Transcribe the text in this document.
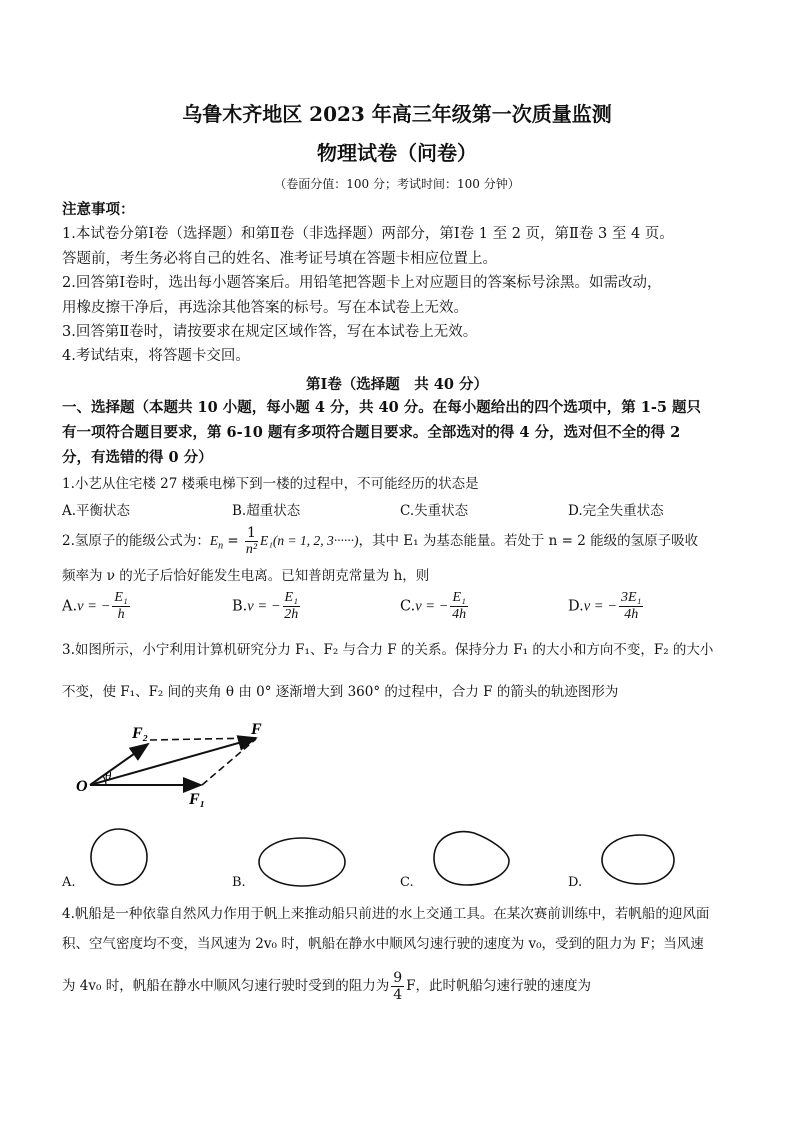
乌鲁木齐地区 2023 年高三年级第一次质量监测
物理试卷（问卷）
（卷面分值：100 分；考试时间：100 分钟）
注意事项：
1.本试卷分第Ⅰ卷（选择题）和第Ⅱ卷（非选择题）两部分，第Ⅰ卷 1 至 2 页，第Ⅱ卷 3 至 4 页。
答题前，考生务必将自己的姓名、准考证号填在答题卡相应位置上。
2.回答第Ⅰ卷时，选出每小题答案后。用铅笔把答题卡上对应题目的答案标号涂黑。如需改动，
用橡皮擦干净后，再选涂其他答案的标号。写在本试卷上无效。
3.回答第Ⅱ卷时，请按要求在规定区域作答，写在本试卷上无效。
4.考试结束，将答题卡交回。
第Ⅰ卷（选择题　共 40 分）
一、选择题（本题共 10 小题，每小题 4 分，共 40 分。在每小题给出的四个选项中，第 1-5 题只
有一项符合题目要求，第 6-10 题有多项符合题目要求。全部选对的得 4 分，选对但不全的得 2
分，有选错的得 0 分）
1.小艺从住宅楼 27 楼乘电梯下到一楼的过程中，不可能经历的状态是
A.平衡状态	B.超重状态	C.失重状态	D.完全失重状态
2.氢原子的能级公式为：$E_n = \frac{1}{\text{n²}} E_1(n = 1$, 2, 3······)，其中 E₁ 为基态能量。若处于 n = 2 能级的氢原子吸收
频率为 ν 的光子后恰好能发生电离。已知普朗克常量为 h，则
A.ν = − $\frac{\text{E₁}}{h}$	B.ν = − $\frac{\text{E₁}}{2h}$	C.ν = − $\frac{\text{E₁}}{4h}$	D.ν = − $\frac{\text{3E₁}}{4h}$
3.如图所示，小宁利用计算机研究分力 F₁、F₂ 与合力 F 的关系。保持分力 F₁ 的大小和方向不变，F₂ 的大小
不变，使 F₁、F₂ 间的夹角 θ 由 0° 逐渐增大到 360° 的过程中，合力 F 的箭头的轨迹图形为
F₂	F
O
θ
F₁
A.	B.	C.	D.
4.帆船是一种依靠自然风力作用于帆上来推动船只前进的水上交通工具。在某次赛前训练中，若帆船的迎风面
积、空气密度均不变，当风速为 2v₀ 时，帆船在静水中顺风匀速行驶的速度为 v₀，受到的阻力为 F；当风速
为 4v₀ 时，帆船在静水中顺风匀速行驶时受到的阻力为 $\frac{9}{4}$ F，此时帆船匀速行驶的速度为
